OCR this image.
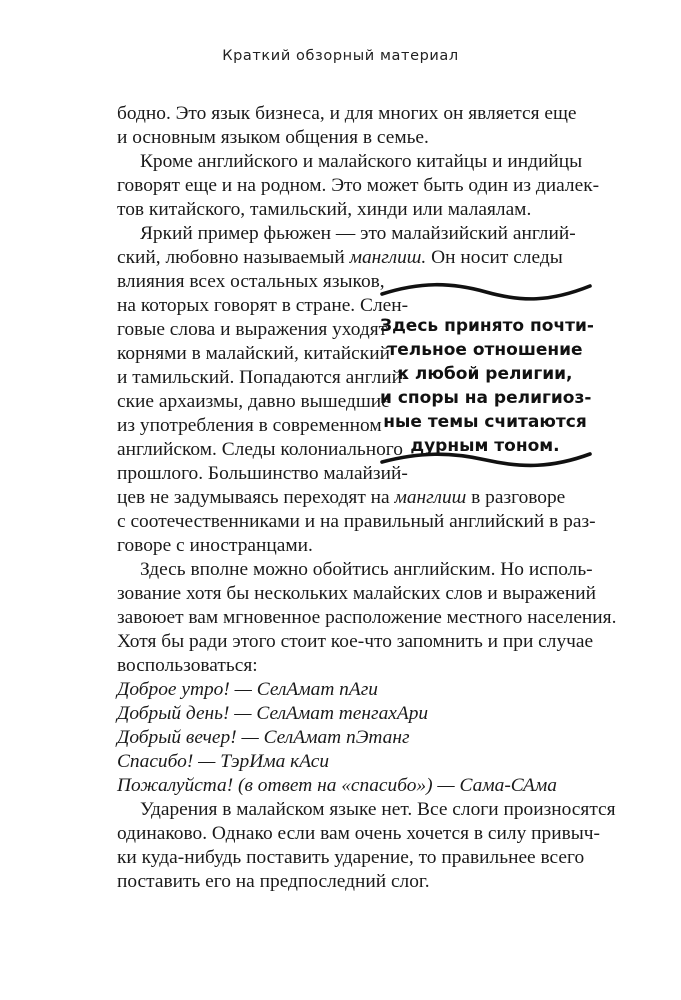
Краткий обзорный материал
бодно. Это язык бизнеса, и для многих он является еще
и основным языком общения в семье.
Кроме английского и малайского китайцы и индийцы
говорят еще и на родном. Это может быть один из диалек-
тов китайского, тамильский, хинди или малаялам.
Яркий пример фьюжен — это малайзийский англий-
ский, любовно называемый манглиш. Он носит следы
влияния всех остальных языков,
на которых говорят в стране. Слен-
говые слова и выражения уходят
корнями в малайский, китайский
и тамильский. Попадаются англий-
ские архаизмы, давно вышедшие
из употребления в современном
английском. Следы колониального
прошлого. Большинство малайзий-
цев не задумываясь переходят на манглиш в разговоре
с соотечественниками и на правильный английский в раз-
говоре с иностранцами.
Здесь вполне можно обойтись английским. Но исполь-
зование хотя бы нескольких малайских слов и выражений
завоюет вам мгновенное расположение местного населения.
Хотя бы ради этого стоит кое-что запомнить и при случае
воспользоваться:
Доброе утро! — СелАмат пАги
Добрый день! — СелАмат тенгахАри
Добрый вечер! — СелАмат пЭтанг
Спасибо! — ТэрИма кАси
Пожалуйста! (в ответ на «спасибо») — Сама-САма
Ударения в малайском языке нет. Все слоги произносятся
одинаково. Однако если вам очень хочется в силу привыч-
ки куда-нибудь поставить ударение, то правильнее всего
поставить его на предпоследний слог.
Здесь принято почти-
тельное отношение
к любой религии,
и споры на религиоз-
ные темы считаются
дурным тоном.
